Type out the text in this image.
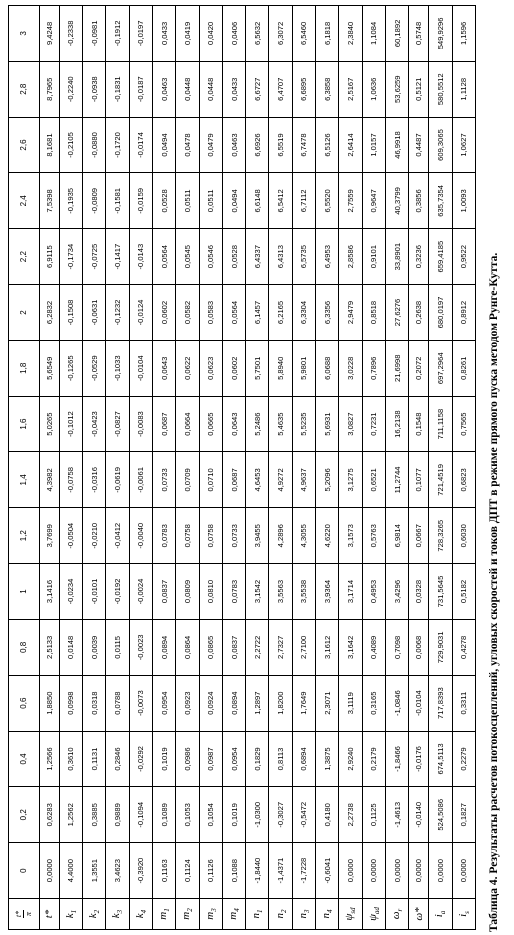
t* π	0	0,2	0,4	0,6	0,8	1	1,2	1,4	1,6	1,8	2	2,2	2,4	2,6	2,8	3
t*	0,0000	0,6283	1,2566	1,8850	2,5133	3,1416	3,7699	4,3982	5,0265	5,6549	6,2832	6,9115	7,5398	8,1681	8,7965	9,4248
$k_1$	4,4000	1,2562	0,3610	0,0998	0,0148	-0,0234	-0,0504	-0,0758	-0,1012	-0,1265	-0,1508	-0,1734	-0,1935	-0,2105	-0,2240	-0,2338
$k_2$	1,3551	0,3885	0,1131	0,0318	0,0039	-0,0101	-0,0210	-0,0316	-0,0423	-0,0529	-0,0631	-0,0725	-0,0809	-0,0880	-0,0938	-0,0981
$k_3$	3,4623	0,9889	0,2846	0,0788	0,0115	-0,0192	-0,0412	-0,0619	-0,0827	-0,1033	-0,1232	-0,1417	-0,1581	-0,1720	-0,1831	-0,1912
$k_4$	-0,3920	-0,1094	-0,0292	-0,0073	-0,0023	-0,0024	-0,0040	-0,0061	-0,0083	-0,0104	-0,0124	-0,0143	-0,0159	-0,0174	-0,0187	-0,0197
$m_1$	0,1163	0,1089	0,1019	0,0954	0,0894	0,0837	0,0783	0,0733	0,0687	0,0643	0,0602	0,0564	0,0528	0,0494	0,0463	0,0433
$m_2$	0,1124	0,1053	0,0986	0,0923	0,0864	0,0809	0,0758	0,0709	0,0664	0,0622	0,0582	0,0545	0,0511	0,0478	0,0448	0,0419
$m_3$	0,1126	0,1054	0,0987	0,0924	0,0865	0,0810	0,0758	0,0710	0,0665	0,0623	0,0583	0,0546	0,0511	0,0479	0,0448	0,0420
$m_4$	0,1088	0,1019	0,0954	0,0894	0,0837	0,0783	0,0733	0,0687	0,0643	0,0602	0,0564	0,0528	0,0494	0,0463	0,0433	0,0406
$n_1$	-1,8440	-1,0300	0,1829	1,2897	2,2722	3,1542	3,9455	4,6453	5,2486	5,7501	6,1457	6,4337	6,6148	6,6926	6,6727	6,5632
$n_2$	-1,4371	-0,3027	0,8113	1,8200	2,7327	3,5563	4,2896	4,9272	5,4635	5,8940	6,2165	6,4313	6,5412	6,5519	6,4707	6,3072
$n_3$	-1,7228	-0,5472	0,6894	1,7649	2,7100	3,5538	4,3055	4,9637	5,5235	5,9801	6,3304	6,5735	6,7112	6,7478	6,6895	6,5460
$n_4$	-0,6041	0,4180	1,3875	2,3071	3,1612	3,9364	4,6220	5,2096	5,6931	6,0688	6,3356	6,4953	6,5520	6,5126	6,3858	6,1818
$\psi_{sd}$	0,0000	2,2738	2,9240	3,1119	3,1642	3,1714	3,1573	3,1275	3,0827	3,0228	2,9479	2,8586	2,7559	2,6414	2,5167	2,3840
$\psi_{ad}$	0,0000	0,1125	0,2179	0,3165	0,4089	0,4953	0,5763	0,6521	0,7231	0,7896	0,8518	0,9101	0,9647	1,0157	1,0636	1,1084
$\omega_r$	0,0000	-1,4613	-1,8466	-1,0846	0,7098	3,4296	6,9814	11,2744	16,2138	21,6998	27,6276	33,8901	40,3799	46,9918	53,6259	60,1892
ω*	0,0000	-0,0140	-0,0176	-0,0104	0,0068	0,0328	0,0667	0,1077	0,1548	0,2072	0,2638	0,3236	0,3856	0,4487	0,5121	0,5748
$i_a$	0,0000	524,5086	674,5113	717,8393	729,9031	731,5645	728,3265	721,4519	711,1158	697,2964	680,0197	659,4185	635,7354	609,3065	580,5512	549,9296
$i_s$	0,0000	0,1827	0,2279	0,3311	0,4278	0,5182	0,6030	0,6823	0,7565	0,8261	0,8912	0,9522	1,0093	1,0627	1,1128	1,1596
Таблица 4. Результаты расчетов потокосцеплений, угловых скоростей и токов ДПТ в режиме прямого пуска методом Рунге-Кутта.
